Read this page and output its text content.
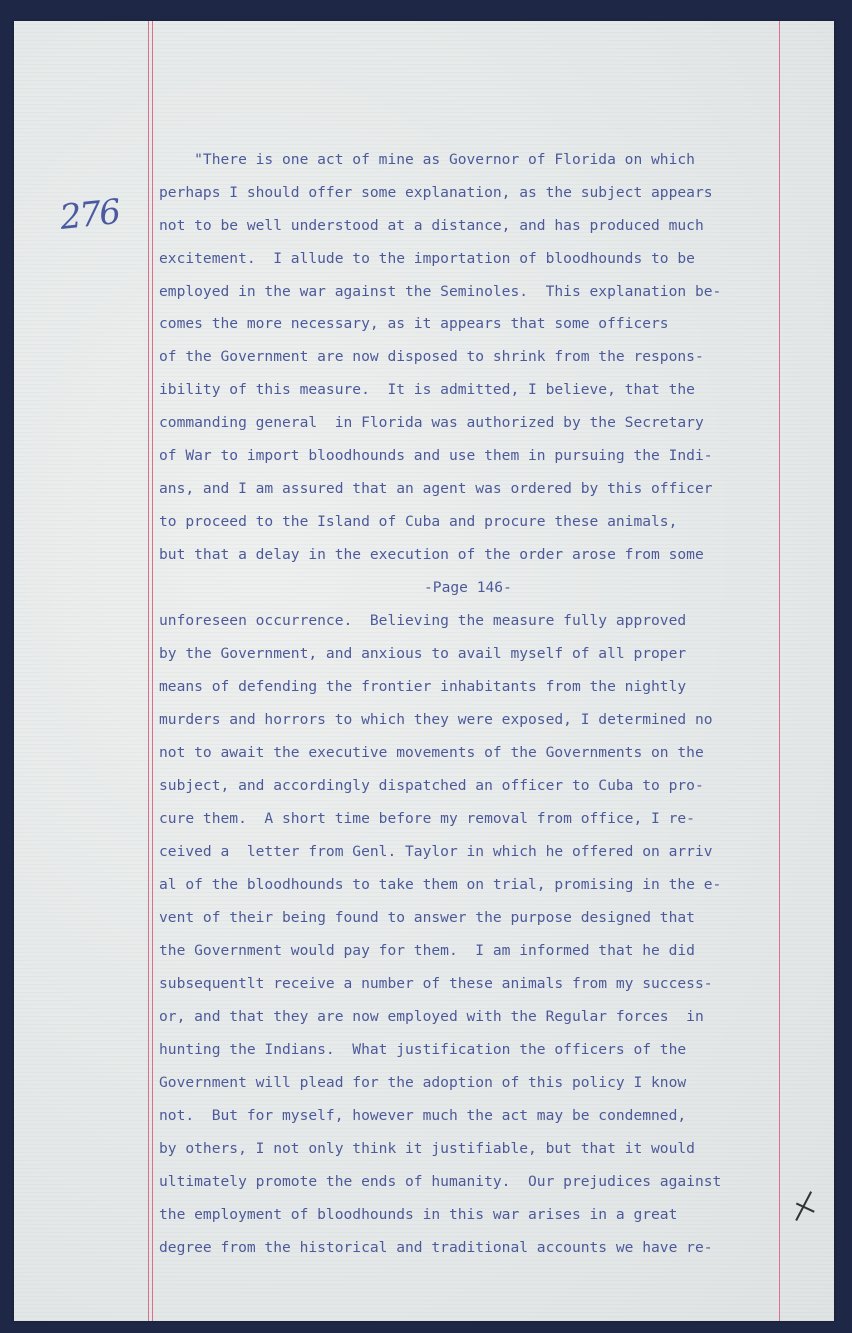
276

"There is one act of mine as Governor of Florida on which

perhaps I should offer some explanation, as the subject appears

not to be well understood at a distance, and has produced much

excitement.  I allude to the importation of bloodhounds to be

employed in the war against the Seminoles.  This explanation be-

comes the more necessary, as it appears that some officers

of the Government are now disposed to shrink from the respons-

ibility of this measure.  It is admitted, I believe, that the

commanding general  in Florida was authorized by the Secretary

of War to import bloodhounds and use them in pursuing the Indi-

ans, and I am assured that an agent was ordered by this officer

to proceed to the Island of Cuba and procure these animals,

but that a delay in the execution of the order arose from some

-Page 146-

unforeseen occurrence.  Believing the measure fully approved

by the Government, and anxious to avail myself of all proper

means of defending the frontier inhabitants from the nightly

murders and horrors to which they were exposed, I determined no

not to await the executive movements of the Governments on the

subject, and accordingly dispatched an officer to Cuba to pro-

cure them.  A short time before my removal from office, I re-

ceived a  letter from Genl. Taylor in which he offered on arriv

al of the bloodhounds to take them on trial, promising in the e-

vent of their being found to answer the purpose designed that

the Government would pay for them.  I am informed that he did

subsequentlt receive a number of these animals from my success-

or, and that they are now employed with the Regular forces  in

hunting the Indians.  What justification the officers of the

Government will plead for the adoption of this policy I know

not.  But for myself, however much the act may be condemned,

by others, I not only think it justifiable, but that it would

ultimately promote the ends of humanity.  Our prejudices against

the employment of bloodhounds in this war arises in a great

degree from the historical and traditional accounts we have re-
